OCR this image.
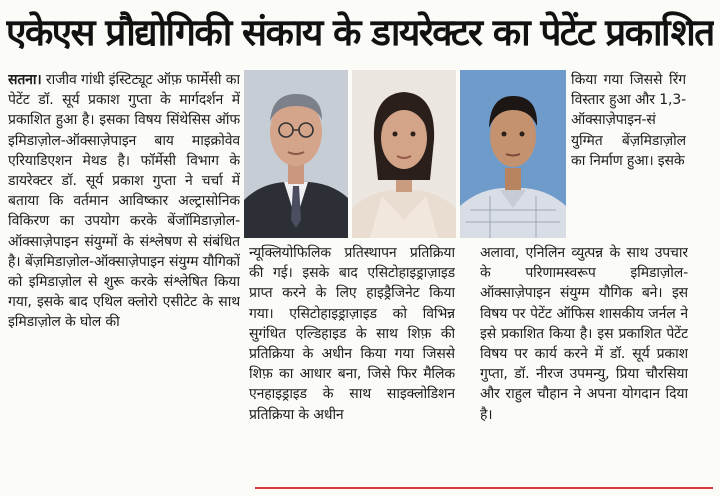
एकेएस प्रौद्योगिकी संकाय के डायरेक्टर का पेटेंट प्रकाशित

सतना। राजीव गांधी इंस्टिट्यूट ऑफ़ फार्मेसी का पेटेंट डॉ. सूर्य प्रकाश गुप्ता के मार्गदर्शन में प्रकाशित हुआ है। इसका विषय सिंथेसिस ऑफ इमिडाज़ोल-ऑक्साज़ेपाइन बाय माइक्रोवेव एरियाडिएशन मेथड है। फॉर्मेसी विभाग के डायरेक्टर डॉ. सूर्य प्रकाश गुप्ता ने चर्चा में बताया कि वर्तमान आविष्कार अल्ट्रासोनिक विकिरण का उपयोग करके बेंजॉमिडाज़ोल-ऑक्साज़ेपाइन संयुग्मों के संश्लेषण से संबंधित है। बेंज़मिडाज़ोल-ऑक्साज़ेपाइन संयुग्म यौगिकों को इमिडाज़ोल से शुरू करके संश्लेषित किया गया, इसके बाद एथिल क्लोरो एसीटेट के साथ इमिडाज़ोल के घोल की

किया गया जिससे रिंग विस्तार हुआ और 1,3-ऑक्साज़ेपाइन-सं युग्मित बेंज़मिडाज़ोल का निर्माण हुआ। इसके

न्यूक्लियोफिलिक प्रतिस्थापन प्रतिक्रिया की गई। इसके बाद एसिटोहाइड्राज़ाइड प्राप्त करने के लिए हाइड्रैजिनेट किया गया। एसिटोहाइड्राज़ाइड को विभिन्न सुगंधित एल्डिहाइड के साथ शिफ़ की प्रतिक्रिया के अधीन किया गया जिससे शिफ़ का आधार बना, जिसे फिर मैलिक एनहाइड्राइड के साथ साइक्लोडिशन प्रतिक्रिया के अधीन

अलावा, एनिलिन व्युत्पन्न के साथ उपचार के परिणामस्वरूप इमिडाज़ोल-ऑक्साज़ेपाइन संयुग्म यौगिक बने। इस विषय पर पेटेंट ऑफिस शासकीय जर्नल ने इसे प्रकाशित किया है। इस प्रकाशित पेटेंट विषय पर कार्य करने में डॉ. सूर्य प्रकाश गुप्ता, डॉ. नीरज उपमन्यु, प्रिया चौरसिया और राहुल चौहान ने अपना योगदान दिया है।
